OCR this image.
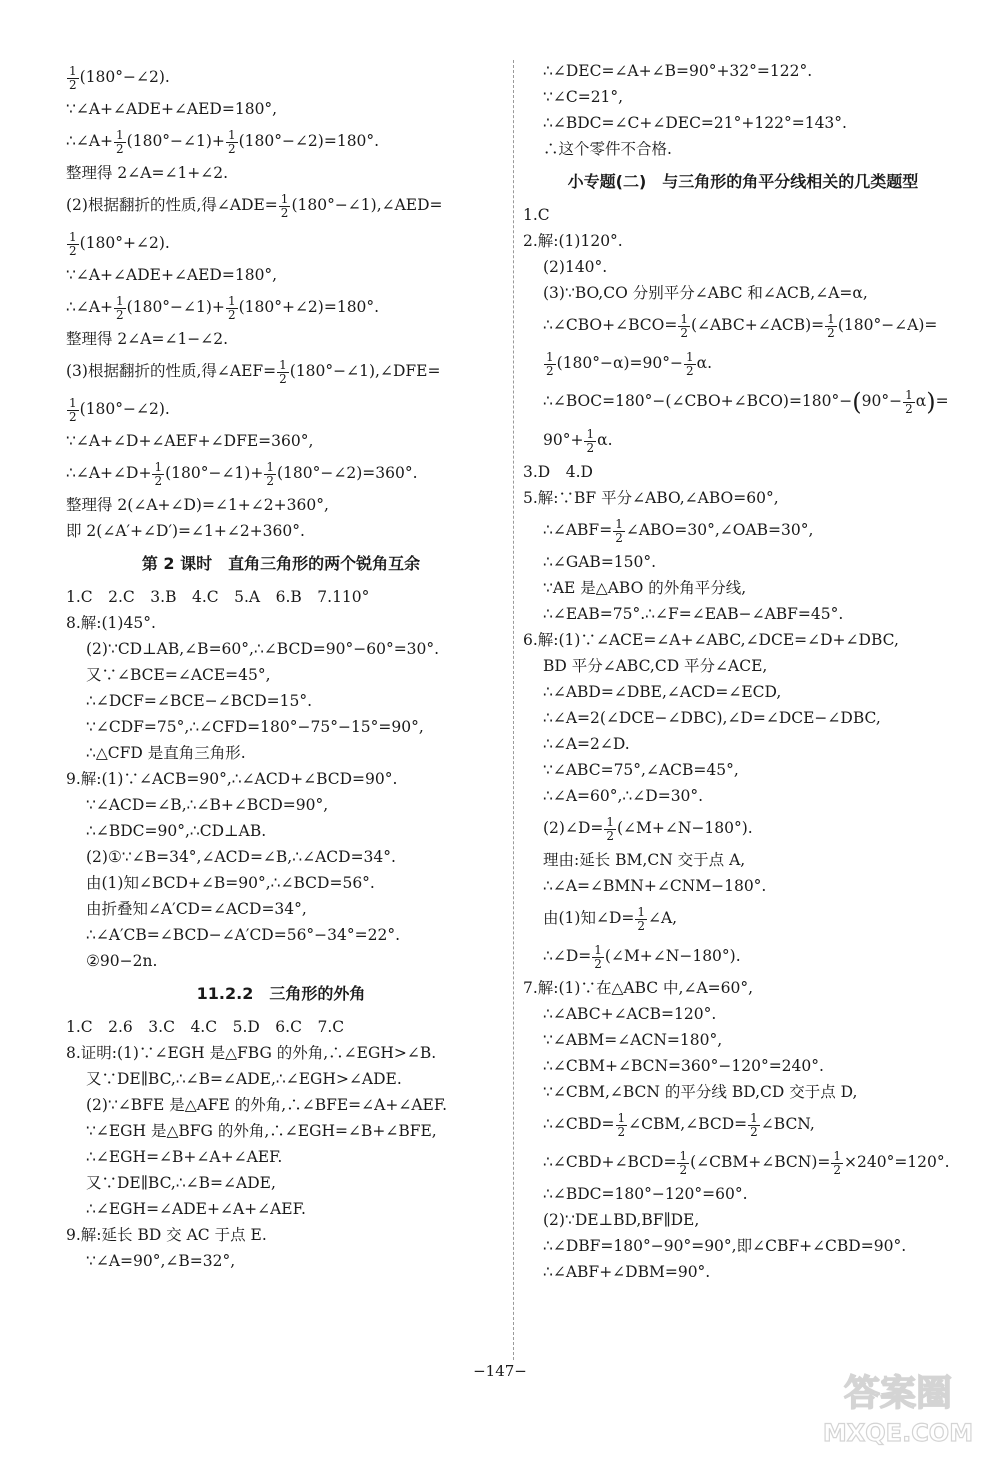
$\frac{1}{2}$ (180°−∠2).
∵∠A+∠ADE+∠AED=180°,
∴∠A+ $\frac{1}{2}$ (180°−∠1)+ $\frac{1}{2}$ (180°−∠2)=180°.
整理得 2∠A=∠1+∠2.
(2)根据翻折的性质,得∠ADE= $\frac{1}{2}$ (180°−∠1),∠AED=
$\frac{1}{2}$ (180°+∠2).
∵∠A+∠ADE+∠AED=180°,
∴∠A+ $\frac{1}{2}$ (180°−∠1)+ $\frac{1}{2}$ (180°+∠2)=180°.
整理得 2∠A=∠1−∠2.
(3)根据翻折的性质,得∠AEF= $\frac{1}{2}$ (180°−∠1),∠DFE=
$\frac{1}{2}$ (180°−∠2).
∵∠A+∠D+∠AEF+∠DFE=360°,
∴∠A+∠D+ $\frac{1}{2}$ (180°−∠1)+ $\frac{1}{2}$ (180°−∠2)=360°.
整理得 2(∠A+∠D)=∠1+∠2+360°,
即 2(∠A′+∠D′)=∠1+∠2+360°.
第 2 课时　直角三角形的两个锐角互余
1.C　2.C　3.B　4.C　5.A　6.B　7.110°
8.解:(1)45°.
(2)∵CD⊥AB,∠B=60°,∴∠BCD=90°−60°=30°.
又∵∠BCE=∠ACE=45°,
∴∠DCF=∠BCE−∠BCD=15°.
∵∠CDF=75°,∴∠CFD=180°−75°−15°=90°,
∴△CFD 是直角三角形.
9.解:(1)∵∠ACB=90°,∴∠ACD+∠BCD=90°.
∵∠ACD=∠B,∴∠B+∠BCD=90°,
∴∠BDC=90°,∴CD⊥AB.
(2)①∵∠B=34°,∠ACD=∠B,∴∠ACD=34°.
由(1)知∠BCD+∠B=90°,∴∠BCD=56°.
由折叠知∠A′CD=∠ACD=34°,
∴∠A′CB=∠BCD−∠A′CD=56°−34°=22°.
②90−2n.
11.2.2　三角形的外角
1.C　2.6　3.C　4.C　5.D　6.C　7.C
8.证明:(1)∵∠EGH 是△FBG 的外角,∴∠EGH>∠B.
又∵DE∥BC,∴∠B=∠ADE,∴∠EGH>∠ADE.
(2)∵∠BFE 是△AFE 的外角,∴∠BFE=∠A+∠AEF.
∵∠EGH 是△BFG 的外角,∴∠EGH=∠B+∠BFE,
∴∠EGH=∠B+∠A+∠AEF.
又∵DE∥BC,∴∠B=∠ADE,
∴∠EGH=∠ADE+∠A+∠AEF.
9.解:延长 BD 交 AC 于点 E.
∵∠A=90°,∠B=32°,
∴∠DEC=∠A+∠B=90°+32°=122°.
∵∠C=21°,
∴∠BDC=∠C+∠DEC=21°+122°=143°.
∴这个零件不合格.
小专题(二)　与三角形的角平分线相关的几类题型
1.C
2.解:(1)120°.
(2)140°.
(3)∵BO,CO 分别平分∠ABC 和∠ACB,∠A=α,
∴∠CBO+∠BCO= $\frac{1}{2}$ (∠ABC+∠ACB)= $\frac{1}{2}$ (180°−∠A)=
$\frac{1}{2} (180^\circ-\alpha)=90^\circ- \frac{1}{2} \alpha$.
∴∠BOC=180°−(∠CBO+∠BCO)=180°−(90°− $\frac{1}{2} \alpha)=$
$90^\circ+ \frac{1}{2} \alpha$.
3.D　4.D
5.解:∵BF 平分∠ABO,∠ABO=60°,
∴∠ABF= $\frac{1}{2}$ ∠ABO=30°,∠OAB=30°,
∴∠GAB=150°.
∵AE 是△ABO 的外角平分线,
∴∠EAB=75°.∴∠F=∠EAB−∠ABF=45°.
6.解:(1)∵∠ACE=∠A+∠ABC,∠DCE=∠D+∠DBC,
BD 平分∠ABC,CD 平分∠ACE,
∴∠ABD=∠DBE,∠ACD=∠ECD,
∴∠A=2(∠DCE−∠DBC),∠D=∠DCE−∠DBC,
∴∠A=2∠D.
∵∠ABC=75°,∠ACB=45°,
∴∠A=60°,∴∠D=30°.
(2)∠D= $\frac{1}{2}$ (∠M+∠N−180°).
理由:延长 BM,CN 交于点 A,
∴∠A=∠BMN+∠CNM−180°.
由(1)知∠D= $\frac{1}{2}$ ∠A,
∴∠D= $\frac{1}{2}$ (∠M+∠N−180°).
7.解:(1)∵在△ABC 中,∠A=60°,
∴∠ABC+∠ACB=120°.
∵∠ABM=∠ACN=180°,
∴∠CBM+∠BCN=360°−120°=240°.
∵∠CBM,∠BCN 的平分线 BD,CD 交于点 D,
∴∠CBD= $\frac{1}{2}$ ∠CBM,∠BCD= $\frac{1}{2}$ ∠BCN,
∴∠CBD+∠BCD= $\frac{1}{2}$ (∠CBM+∠BCN)= $\frac{1}{2} \times 240^\circ=120^\circ$.
∴∠BDC=180°−120°=60°.
(2)∵DE⊥BD,BF∥DE,
∴∠DBF=180°−90°=90°,即∠CBF+∠CBD=90°.
∴∠ABF+∠DBM=90°.
−147−
答案圈
MXQE.COM
